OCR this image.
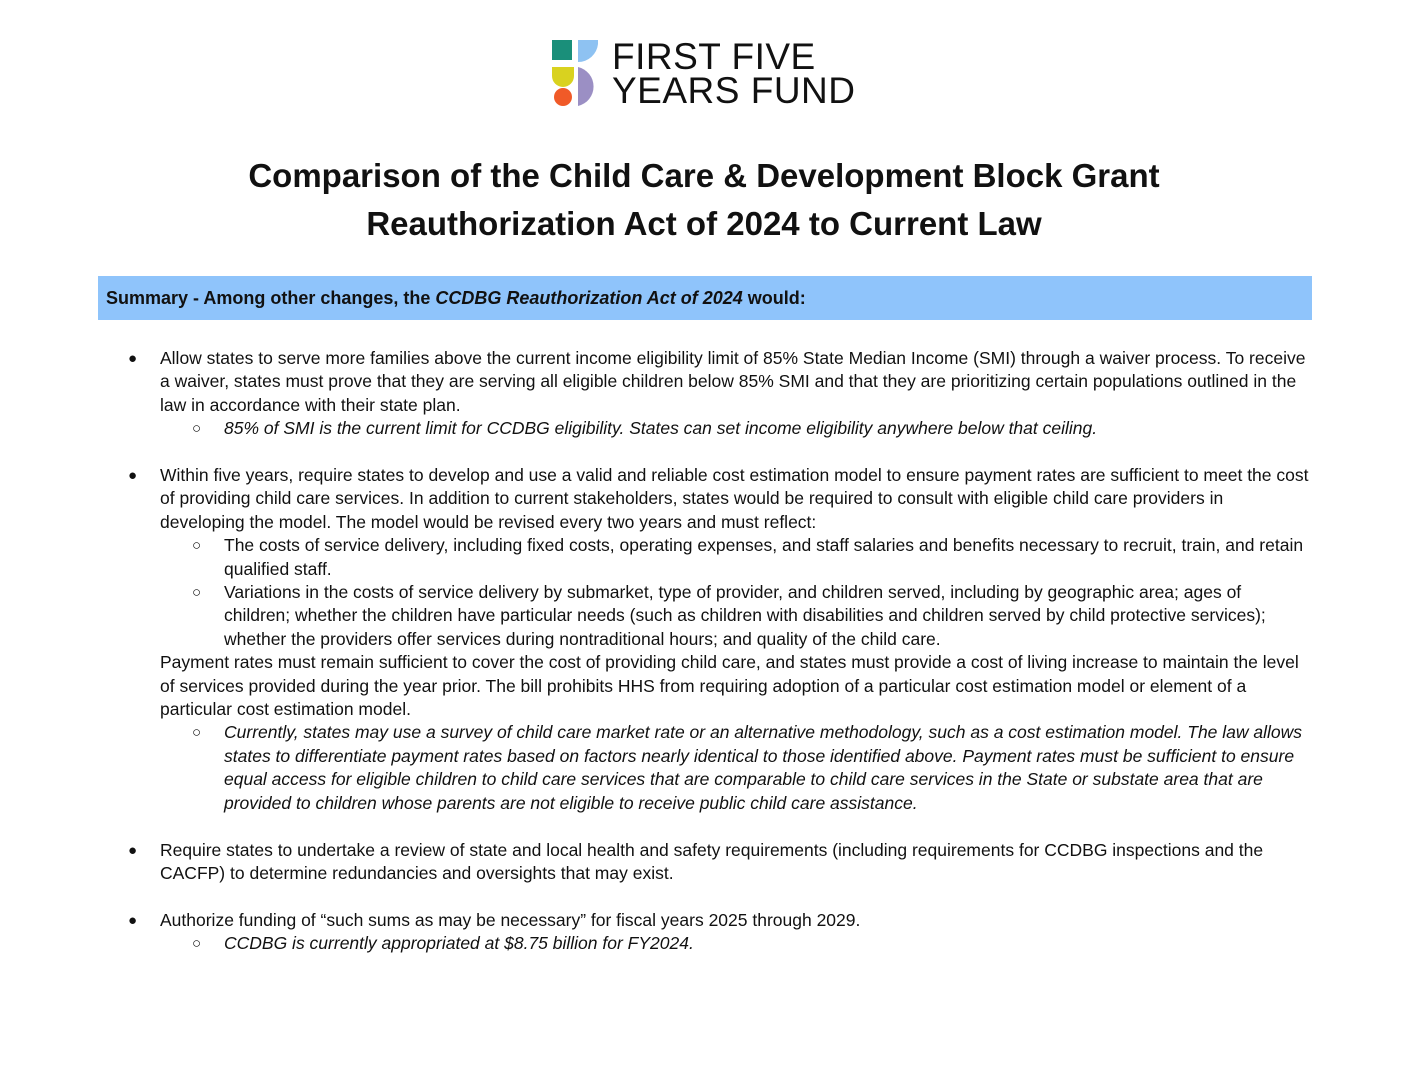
FIRST FIVE
YEARS FUND
Comparison of the Child Care & Development Block Grant
Reauthorization Act of 2024 to Current Law
Summary - Among other changes, the CCDBG Reauthorization Act of 2024 would:
● Allow states to serve more families above the current income eligibility limit of 85% State Median Income (SMI) through a waiver process. To receive a waiver, states must prove that they are serving all eligible children below 85% SMI and that they are prioritizing certain populations outlined in the law in accordance with their state plan.
○ 85% of SMI is the current limit for CCDBG eligibility. States can set income eligibility anywhere below that ceiling.
● Within five years, require states to develop and use a valid and reliable cost estimation model to ensure payment rates are sufficient to meet the cost of providing child care services. In addition to current stakeholders, states would be required to consult with eligible child care providers in developing the model. The model would be revised every two years and must reflect:
○ The costs of service delivery, including fixed costs, operating expenses, and staff salaries and benefits necessary to recruit, train, and retain qualified staff.
○ Variations in the costs of service delivery by submarket, type of provider, and children served, including by geographic area; ages of children; whether the children have particular needs (such as children with disabilities and children served by child protective services); whether the providers offer services during nontraditional hours; and quality of the child care.
Payment rates must remain sufficient to cover the cost of providing child care, and states must provide a cost of living increase to maintain the level of services provided during the year prior. The bill prohibits HHS from requiring adoption of a particular cost estimation model or element of a particular cost estimation model.
○ Currently, states may use a survey of child care market rate or an alternative methodology, such as a cost estimation model. The law allows states to differentiate payment rates based on factors nearly identical to those identified above. Payment rates must be sufficient to ensure equal access for eligible children to child care services that are comparable to child care services in the State or substate area that are provided to children whose parents are not eligible to receive public child care assistance.
● Require states to undertake a review of state and local health and safety requirements (including requirements for CCDBG inspections and the CACFP) to determine redundancies and oversights that may exist.
● Authorize funding of “such sums as may be necessary” for fiscal years 2025 through 2029.
○ CCDBG is currently appropriated at $8.75 billion for FY2024.
